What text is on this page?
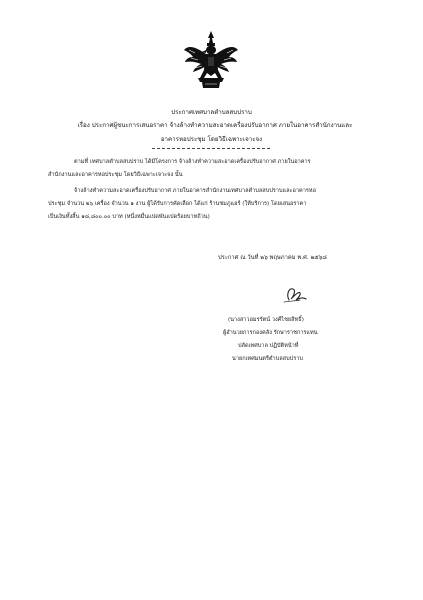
ประกาศเทศบาลตำบลสบปราบ
เรื่อง ประกาศผู้ชนะการเสนอราคา จ้างล้างทำความสะอาดเครื่องปรับอากาศ ภายในอาคารสำนักงานและ
อาคารหอประชุม โดยวิธีเฉพาะเจาะจง
ตามที่ เทศบาลตำบลสบปราบ ได้มีโครงการ จ้างล้างทำความสะอาดเครื่องปรับอากาศ ภายในอาคาร
สำนักงานและอาคารหอประชุม โดยวิธีเฉพาะเจาะจง นั้น
จ้างล้างทำความสะอาดเครื่องปรับอากาศ ภายในอาคารสำนักงานเทศบาลตำบลสบปราบและอาคารหอ
ประชุม จำนวน ๒๖ เครื่อง จำนวน ๑ งาน ผู้ได้รับการคัดเลือก ได้แก่ ร้านชมภูแอร์ (ให้บริการ) โดยเสนอราคา
เป็นเงินทั้งสิ้น ๑๘,๘๐๐.๐๐ บาท (หนึ่งหมื่นแปดพันแปดร้อยบาทถ้วน)
ประกาศ ณ วันที่ ๒๖ พฤษภาคม พ.ศ. ๒๕๖๘
(นางสาวอมรรัตน์ วงศ์ไชยสิทธิ์)
ผู้อำนวยการกองคลัง รักษาราชการแทน
ปลัดเทศบาล ปฏิบัติหน้าที่
นายกเทศมนตรีตำบลสบปราบ
